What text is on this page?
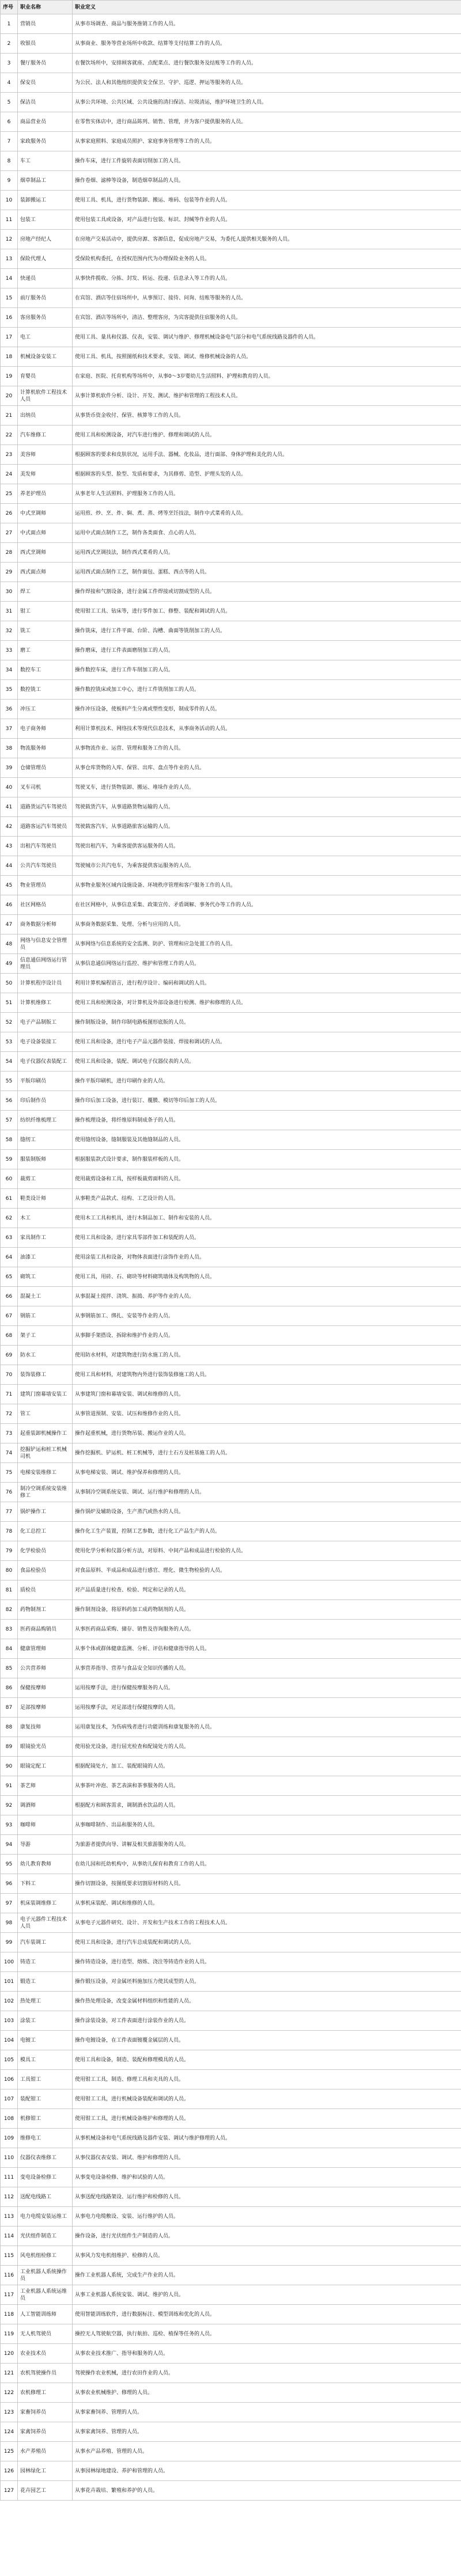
序号	职业名称	职业定义
1	营销员	从事市场调查、商品与服务推销工作的人员。
2	收银员	从事商业、服务等营业场所中收款、结算等支付结算工作的人员。
3	餐厅服务员	在餐饮场所中，安排顾客就座、点配菜点、进行餐饮服务及结账等工作的人员。
4	保安员	为公民、法人和其他组织提供安全保卫、守护、巡逻、押运等服务的人员。
5	保洁员	从事公共环境、公共区域、公共设施的清扫保洁、垃圾清运，维护环境卫生的人员。
6	商品营业员	在零售实体店中，进行商品陈列、销售、管理，并为客户提供服务的人员。
7	家政服务员	从事家庭照料、家庭成员照护、家庭事务管理等工作的人员。
8	车工	操作车床，进行工件旋转表面切削加工的人员。
9	烟草制品工	操作卷烟、滤棒等设备，制造烟草制品的人员。
10	装卸搬运工	使用工具、机具，进行货物装卸、搬运、堆码、包装等作业的人员。
11	包装工	使用包装工具或设备，对产品进行包装、标识、封缄等作业的人员。
12	房地产经纪人	在房地产交易活动中，提供房源、客源信息，促成房地产交易，为委托人提供相关服务的人员。
13	保险代理人	受保险机构委托，在授权范围内代为办理保险业务的人员。
14	快递员	从事快件揽收、分拣、封发、转运、投递、信息录入等工作的人员。
15	前厅服务员	在宾馆、酒店等住宿场所中，从事预订、接待、问询、结账等服务的人员。
16	客房服务员	在宾馆、酒店等场所中，清洁、整理客房，为宾客提供住宿服务的人员。
17	电工	使用工具、量具和仪器、仪表，安装、调试与维护、修理机械设备电气部分和电气系统线路及器件的人员。
18	机械设备安装工	使用工具、机具，按照图纸和技术要求，安装、调试、维修机械设备的人员。
19	育婴员	在家庭、医院、托育机构等场所中，从事0～3岁婴幼儿生活照料、护理和教育的人员。
20	计算机软件工程技术人员	从事计算机软件分析、设计、开发、测试、维护和管理的工程技术人员。
21	出纳员	从事货币资金收付、保管、核算等工作的人员。
22	汽车维修工	使用工具和检测设备，对汽车进行维护、修理和调试的人员。
23	美容师	根据顾客的要求和皮肤状况，运用手法、器械、化妆品，进行面部、身体护理和美化的人员。
24	美发师	根据顾客的头型、脸型、发质和要求，为其修剪、造型、护理头发的人员。
25	养老护理员	从事老年人生活照料、护理服务工作的人员。
26	中式烹调师	运用煎、炒、烹、炸、焖、煮、蒸、烤等烹饪技法，制作中式菜肴的人员。
27	中式面点师	运用中式面点制作工艺，制作各类面食、点心的人员。
28	西式烹调师	运用西式烹调技法，制作西式菜肴的人员。
29	西式面点师	运用西式面点制作工艺，制作面包、蛋糕、西点等的人员。
30	焊工	操作焊接和气割设备，进行金属工件焊接或切割成型的人员。
31	钳工	使用钳工工具、钻床等，进行零件加工、修整、装配和调试的人员。
32	铣工	操作铣床，进行工件平面、台阶、沟槽、曲面等铣削加工的人员。
33	磨工	操作磨床，进行工件表面磨削加工的人员。
34	数控车工	操作数控车床，进行工件车削加工的人员。
35	数控铣工	操作数控铣床或加工中心，进行工件铣削加工的人员。
36	冲压工	操作冲压设备，使板料产生分离或塑性变形，制成零件的人员。
37	电子商务师	利用计算机技术、网络技术等现代信息技术，从事商务活动的人员。
38	物流服务师	从事物流作业、运营、管理和服务工作的人员。
39	仓储管理员	从事仓库货物的入库、保管、出库、盘点等作业的人员。
40	叉车司机	驾驶叉车，进行货物装卸、搬运、堆垛作业的人员。
41	道路货运汽车驾驶员	驾驶载货汽车，从事道路货物运输的人员。
42	道路客运汽车驾驶员	驾驶载客汽车，从事道路旅客运输的人员。
43	出租汽车驾驶员	驾驶出租汽车，为乘客提供客运服务的人员。
44	公共汽车驾驶员	驾驶城市公共汽电车，为乘客提供客运服务的人员。
45	物业管理员	从事物业服务区域内设施设备、环境秩序管理和客户服务工作的人员。
46	社区网格员	在社区网格中，从事信息采集、政策宣传、矛盾调解、事务代办等工作的人员。
47	商务数据分析师	从事商务数据采集、处理、分析与应用的人员。
48	网络与信息安全管理员	从事网络与信息系统的安全监测、防护、管理和应急处置工作的人员。
49	信息通信网络运行管理员	从事信息通信网络运行监控、维护和管理工作的人员。
50	计算机程序设计员	利用计算机编程语言，进行程序设计、编码和调试的人员。
51	计算机维修工	使用工具和检测设备，对计算机及外部设备进行检测、维护和修理的人员。
52	电子产品制版工	操作制版设备，制作印制电路板图形底版的人员。
53	电子设备装接工	使用工具和设备，进行电子产品元器件装接、焊接和调试的人员。
54	电子仪器仪表装配工	使用工具和设备，装配、调试电子仪器仪表的人员。
55	平版印刷员	操作平版印刷机，进行印刷作业的人员。
56	印后制作员	操作印后加工设备，进行装订、覆膜、模切等印后加工的人员。
57	纺织纤维梳理工	操作梳理设备，将纤维原料制成条子的人员。
58	缝纫工	使用缝纫设备，缝制服装及其他缝制品的人员。
59	服装制版师	根据服装款式设计要求，制作服装样板的人员。
60	裁剪工	使用裁剪设备和工具，按样板裁剪面料的人员。
61	鞋类设计师	从事鞋类产品款式、结构、工艺设计的人员。
62	木工	使用木工工具和机具，进行木制品加工、制作和安装的人员。
63	家具制作工	使用工具和设备，进行家具零部件加工和装配的人员。
64	油漆工	使用涂装工具和设备，对物体表面进行涂饰作业的人员。
65	砌筑工	使用工具，用砖、石、砌块等材料砌筑墙体及构筑物的人员。
66	混凝土工	从事混凝土搅拌、浇筑、振捣、养护等作业的人员。
67	钢筋工	从事钢筋加工、绑扎、安装等作业的人员。
68	架子工	从事脚手架搭设、拆除和维护作业的人员。
69	防水工	使用防水材料，对建筑物进行防水施工的人员。
70	装饰装修工	使用工具和材料，对建筑物内外进行装饰装修施工的人员。
71	建筑门窗幕墙安装工	从事建筑门窗和幕墙安装、调试和维修的人员。
72	管工	从事管道预制、安装、试压和维修作业的人员。
73	起重装卸机械操作工	操作起重机械，进行货物吊装、搬运作业的人员。
74	挖掘铲运和桩工机械司机	操作挖掘机、铲运机、桩工机械等，进行土石方及桩基施工的人员。
75	电梯安装维修工	从事电梯安装、调试、维护保养和修理的人员。
76	制冷空调系统安装维修工	从事制冷空调系统安装、调试、运行维护和修理的人员。
77	锅炉操作工	操作锅炉及辅助设备，生产蒸汽或热水的人员。
78	化工总控工	操作化工生产装置，控制工艺参数，进行化工产品生产的人员。
79	化学检验员	使用化学分析和仪器分析方法，对原料、中间产品和成品进行检验的人员。
80	食品检验员	对食品原料、半成品和成品进行感官、理化、微生物检验的人员。
81	质检员	对产品质量进行检查、检验、判定和记录的人员。
82	药物制剂工	操作制剂设备，将原料药加工成药物制剂的人员。
83	医药商品购销员	从事医药商品采购、储存、销售及咨询服务的人员。
84	健康管理师	从事个体或群体健康监测、分析、评估和健康指导的人员。
85	公共营养师	从事营养指导、营养与食品安全知识传播的人员。
86	保健按摩师	运用按摩手法，进行保健按摩服务的人员。
87	足部按摩师	运用按摩手法，对足部进行保健按摩的人员。
88	康复技师	运用康复技术，为伤病残者进行功能训练和康复服务的人员。
89	眼镜验光员	使用验光设备，进行屈光检查和配镜处方的人员。
90	眼镜定配工	根据配镜处方，加工、装配眼镜的人员。
91	茶艺师	从事茶叶冲泡、茶艺表演和茶事服务的人员。
92	调酒师	根据配方和顾客需求，调制酒水饮品的人员。
93	咖啡师	从事咖啡制作、出品和服务的人员。
94	导游	为旅游者提供向导、讲解及相关旅游服务的人员。
95	幼儿教育教师	在幼儿园和托幼机构中，从事幼儿保育和教育工作的人员。
96	下料工	操作切割设备，按图纸要求切割原材料的人员。
97	机床装调维修工	从事机床装配、调试和维修的人员。
98	电子元器件工程技术人员	从事电子元器件研究、设计、开发和生产技术工作的工程技术人员。
99	汽车装调工	使用工具和设备，进行汽车总成装配和调试的人员。
100	铸造工	操作铸造设备，进行造型、熔炼、浇注等铸造作业的人员。
101	锻造工	操作锻压设备，对金属坯料施加压力使其成型的人员。
102	热处理工	操作热处理设备，改变金属材料组织和性能的人员。
103	涂装工	操作涂装设备，对工件表面进行涂装作业的人员。
104	电镀工	操作电镀设备，在工件表面镀覆金属层的人员。
105	模具工	使用工具和设备，制造、装配和修理模具的人员。
106	工具钳工	使用钳工工具，制造、修理工具和夹具的人员。
107	装配钳工	使用钳工工具，进行机械设备装配和调试的人员。
108	机修钳工	使用钳工工具，进行机械设备维护和修理的人员。
109	维修电工	从事机械设备和电气系统线路及器件安装、调试与维护修理的人员。
110	仪器仪表维修工	从事仪器仪表安装、调试、维护和修理的人员。
111	变电设备检修工	从事变电设备检修、维护和试验的人员。
112	送配电线路工	从事送配电线路架设、运行维护和检修的人员。
113	电力电缆安装运维工	从事电力电缆敷设、安装、运行维护的人员。
114	光伏组件制造工	操作设备，进行光伏组件生产制造的人员。
115	风电机组检修工	从事风力发电机组维护、检修的人员。
116	工业机器人系统操作员	操作工业机器人系统，完成生产作业的人员。
117	工业机器人系统运维员	从事工业机器人系统安装、调试、维护的人员。
118	人工智能训练师	使用智能训练软件，进行数据标注、模型训练和优化的人员。
119	无人机驾驶员	操控无人驾驶航空器，执行航拍、巡检、植保等任务的人员。
120	农业技术员	从事农业技术推广、指导和服务的人员。
121	农机驾驶操作员	驾驶操作农业机械，进行农田作业的人员。
122	农机修理工	从事农业机械维护、修理的人员。
123	家畜饲养员	从事家畜饲养、管理的人员。
124	家禽饲养员	从事家禽饲养、管理的人员。
125	水产养殖员	从事水产品养殖、管理的人员。
126	园林绿化工	从事园林绿地建设、养护和管理的人员。
127	花卉园艺工	从事花卉栽培、繁殖和养护的人员。
